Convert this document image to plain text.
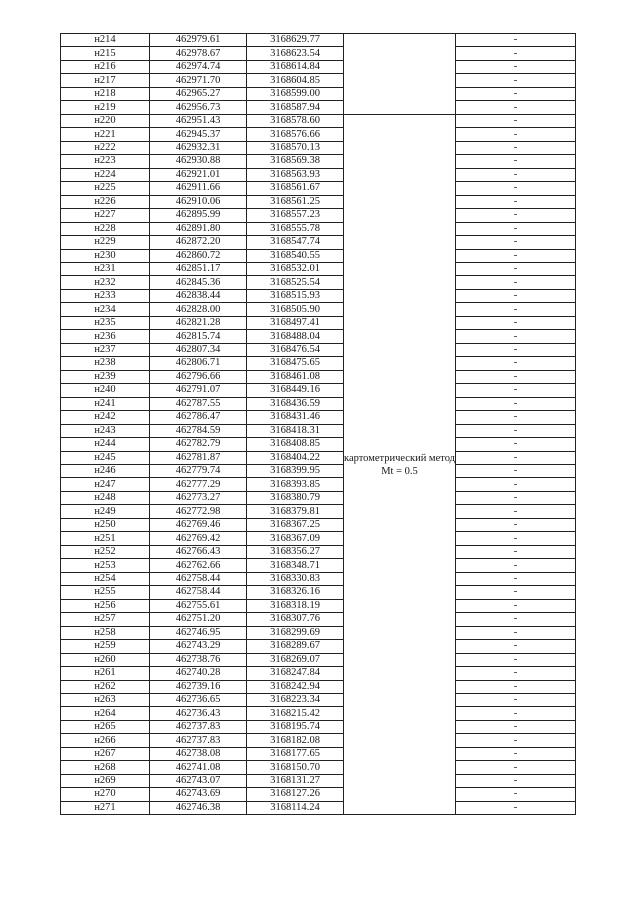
н214	462979.61	3168629.77		-
н215	462978.67	3168623.54		-
н216	462974.74	3168614.84		-
н217	462971.70	3168604.85		-
н218	462965.27	3168599.00		-
н219	462956.73	3168587.94		-
н220	462951.43	3168578.60	картометрический метод Mt = 0.5	-
н221	462945.37	3168576.66		-
н222	462932.31	3168570.13		-
н223	462930.88	3168569.38		-
н224	462921.01	3168563.93		-
н225	462911.66	3168561.67		-
н226	462910.06	3168561.25		-
н227	462895.99	3168557.23		-
н228	462891.80	3168555.78		-
н229	462872.20	3168547.74		-
н230	462860.72	3168540.55		-
н231	462851.17	3168532.01		-
н232	462845.36	3168525.54		-
н233	462838.44	3168515.93		-
н234	462828.00	3168505.90		-
н235	462821.28	3168497.41		-
н236	462815.74	3168488.04		-
н237	462807.34	3168476.54		-
н238	462806.71	3168475.65		-
н239	462796.66	3168461.08		-
н240	462791.07	3168449.16		-
н241	462787.55	3168436.59		-
н242	462786.47	3168431.46		-
н243	462784.59	3168418.31		-
н244	462782.79	3168408.85		-
н245	462781.87	3168404.22		-
н246	462779.74	3168399.95		-
н247	462777.29	3168393.85		-
н248	462773.27	3168380.79		-
н249	462772.98	3168379.81		-
н250	462769.46	3168367.25		-
н251	462769.42	3168367.09		-
н252	462766.43	3168356.27		-
н253	462762.66	3168348.71		-
н254	462758.44	3168330.83		-
н255	462758.44	3168326.16		-
н256	462755.61	3168318.19		-
н257	462751.20	3168307.76		-
н258	462746.95	3168299.69		-
н259	462743.29	3168289.67		-
н260	462738.76	3168269.07		-
н261	462740.28	3168247.84		-
н262	462739.16	3168242.94		-
н263	462736.65	3168223.34		-
н264	462736.43	3168215.42		-
н265	462737.83	3168195.74		-
н266	462737.83	3168182.08		-
н267	462738.08	3168177.65		-
н268	462741.08	3168150.70		-
н269	462743.07	3168131.27		-
н270	462743.69	3168127.26		-
н271	462746.38	3168114.24		-
